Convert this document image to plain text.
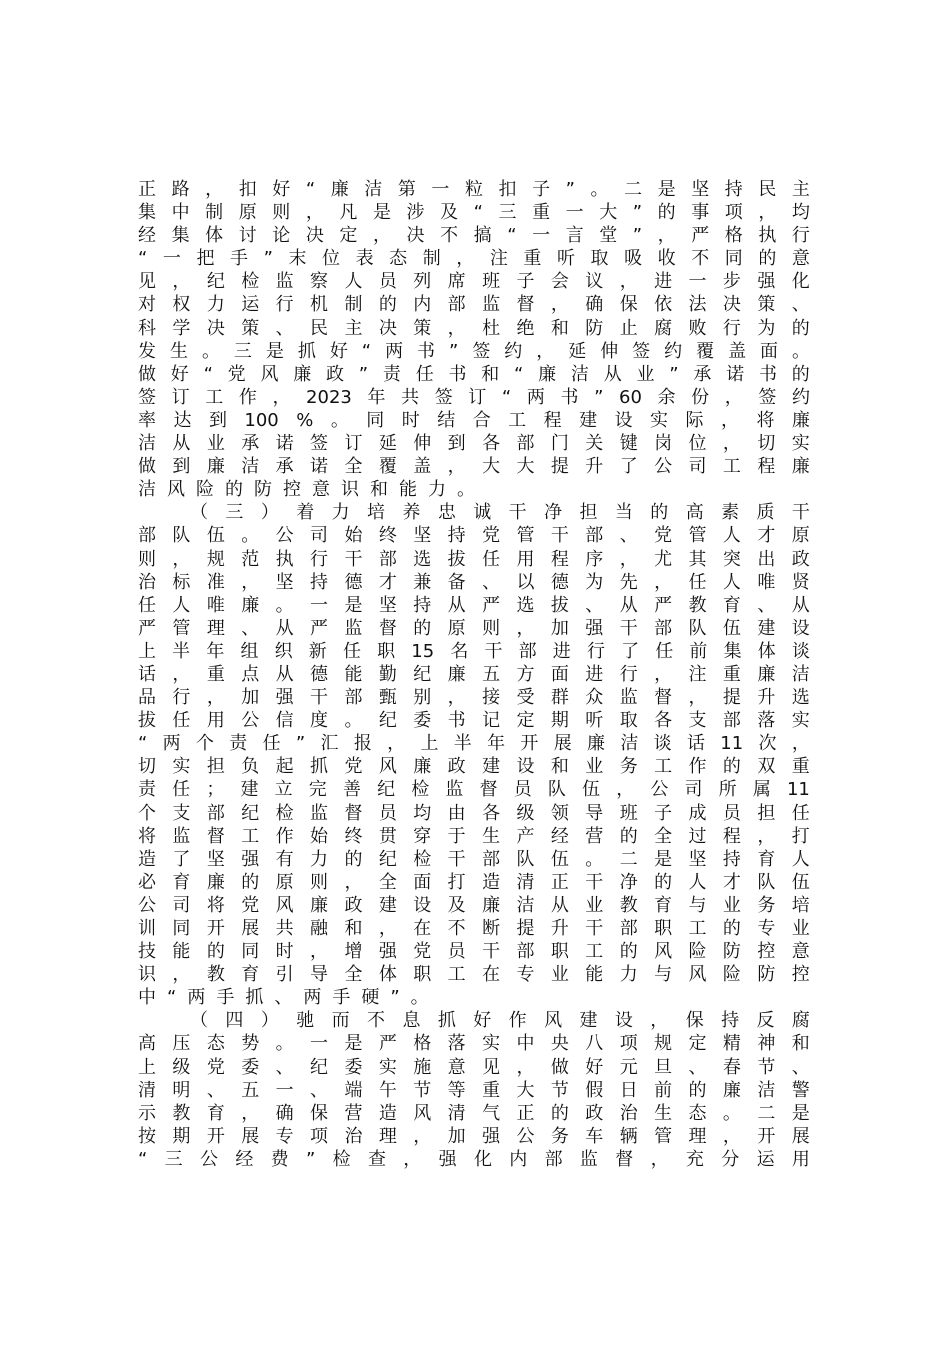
正 路 ， 扣 好 “ 廉 洁 第 一 粒 扣 子 ” 。 二 是 坚 持 民 主
集 中 制 原 则 ， 凡 是 涉 及 “ 三 重 一 大 ” 的 事 项 ， 均
经 集 体 讨 论 决 定 ， 决 不 搞 “ 一 言 堂 ” ， 严 格 执 行
“ 一 把 手 ” 末 位 表 态 制 ， 注 重 听 取 吸 收 不 同 的 意
见 ， 纪 检 监 察 人 员 列 席 班 子 会 议 ， 进 一 步 强 化
对 权 力 运 行 机 制 的 内 部 监 督 ， 确 保 依 法 决 策 、
科 学 决 策 、 民 主 决 策 ， 杜 绝 和 防 止 腐 败 行 为 的
发 生 。 三 是 抓 好 “ 两 书 ” 签 约 ， 延 伸 签 约 覆 盖 面 。
做 好 “ 党 风 廉 政 ” 责 任 书 和 “ 廉 洁 从 业 ” 承 诺 书 的
签 订 工 作 ， 2023 年 共 签 订 “ 两 书 ” 60 余 份 ， 签 约
率 达 到 100 % 。 同 时 结 合 工 程 建 设 实 际 ， 将 廉
洁 从 业 承 诺 签 订 延 伸 到 各 部 门 关 键 岗 位 ， 切 实
做 到 廉 洁 承 诺 全 覆 盖 ， 大 大 提 升 了 公 司 工 程 廉
洁风险的防控意识和能力。
（ 三 ） 着 力 培 养 忠 诚 干 净 担 当 的 高 素 质 干
部 队 伍 。 公 司 始 终 坚 持 党 管 干 部 、 党 管 人 才 原
则 ， 规 范 执 行 干 部 选 拔 任 用 程 序 ， 尤 其 突 出 政
治 标 准 ， 坚 持 德 才 兼 备 、 以 德 为 先 ， 任 人 唯 贤
任 人 唯 廉 。 一 是 坚 持 从 严 选 拔 、 从 严 教 育 、 从
严 管 理 、 从 严 监 督 的 原 则 ， 加 强 干 部 队 伍 建 设
上 半 年 组 织 新 任 职 15 名 干 部 进 行 了 任 前 集 体 谈
话 ， 重 点 从 德 能 勤 纪 廉 五 方 面 进 行 ， 注 重 廉 洁
品 行 ， 加 强 干 部 甄 别 ， 接 受 群 众 监 督 ， 提 升 选
拔 任 用 公 信 度 。 纪 委 书 记 定 期 听 取 各 支 部 落 实
“ 两 个 责 任 ” 汇 报 ， 上 半 年 开 展 廉 洁 谈 话 11 次 ，
切 实 担 负 起 抓 党 风 廉 政 建 设 和 业 务 工 作 的 双 重
责 任 ； 建 立 完 善 纪 检 监 督 员 队 伍 ， 公 司 所 属 11
个 支 部 纪 检 监 督 员 均 由 各 级 领 导 班 子 成 员 担 任
将 监 督 工 作 始 终 贯 穿 于 生 产 经 营 的 全 过 程 ， 打
造 了 坚 强 有 力 的 纪 检 干 部 队 伍 。 二 是 坚 持 育 人
必 育 廉 的 原 则 ， 全 面 打 造 清 正 干 净 的 人 才 队 伍
公 司 将 党 风 廉 政 建 设 及 廉 洁 从 业 教 育 与 业 务 培
训 同 开 展 共 融 和 ， 在 不 断 提 升 干 部 职 工 的 专 业
技 能 的 同 时 ， 增 强 党 员 干 部 职 工 的 风 险 防 控 意
识 ， 教 育 引 导 全 体 职 工 在 专 业 能 力 与 风 险 防 控
中“两手抓、两手硬”。
（ 四 ） 驰 而 不 息 抓 好 作 风 建 设 ， 保 持 反 腐
高 压 态 势 。 一 是 严 格 落 实 中 央 八 项 规 定 精 神 和
上 级 党 委 、 纪 委 实 施 意 见 ， 做 好 元 旦 、 春 节 、
清 明 、 五 一 、 端 午 节 等 重 大 节 假 日 前 的 廉 洁 警
示 教 育 ， 确 保 营 造 风 清 气 正 的 政 治 生 态 。 二 是
按 期 开 展 专 项 治 理 ， 加 强 公 务 车 辆 管 理 ， 开 展
“ 三 公 经 费 ” 检 查 ， 强 化 内 部 监 督 ， 充 分 运 用
